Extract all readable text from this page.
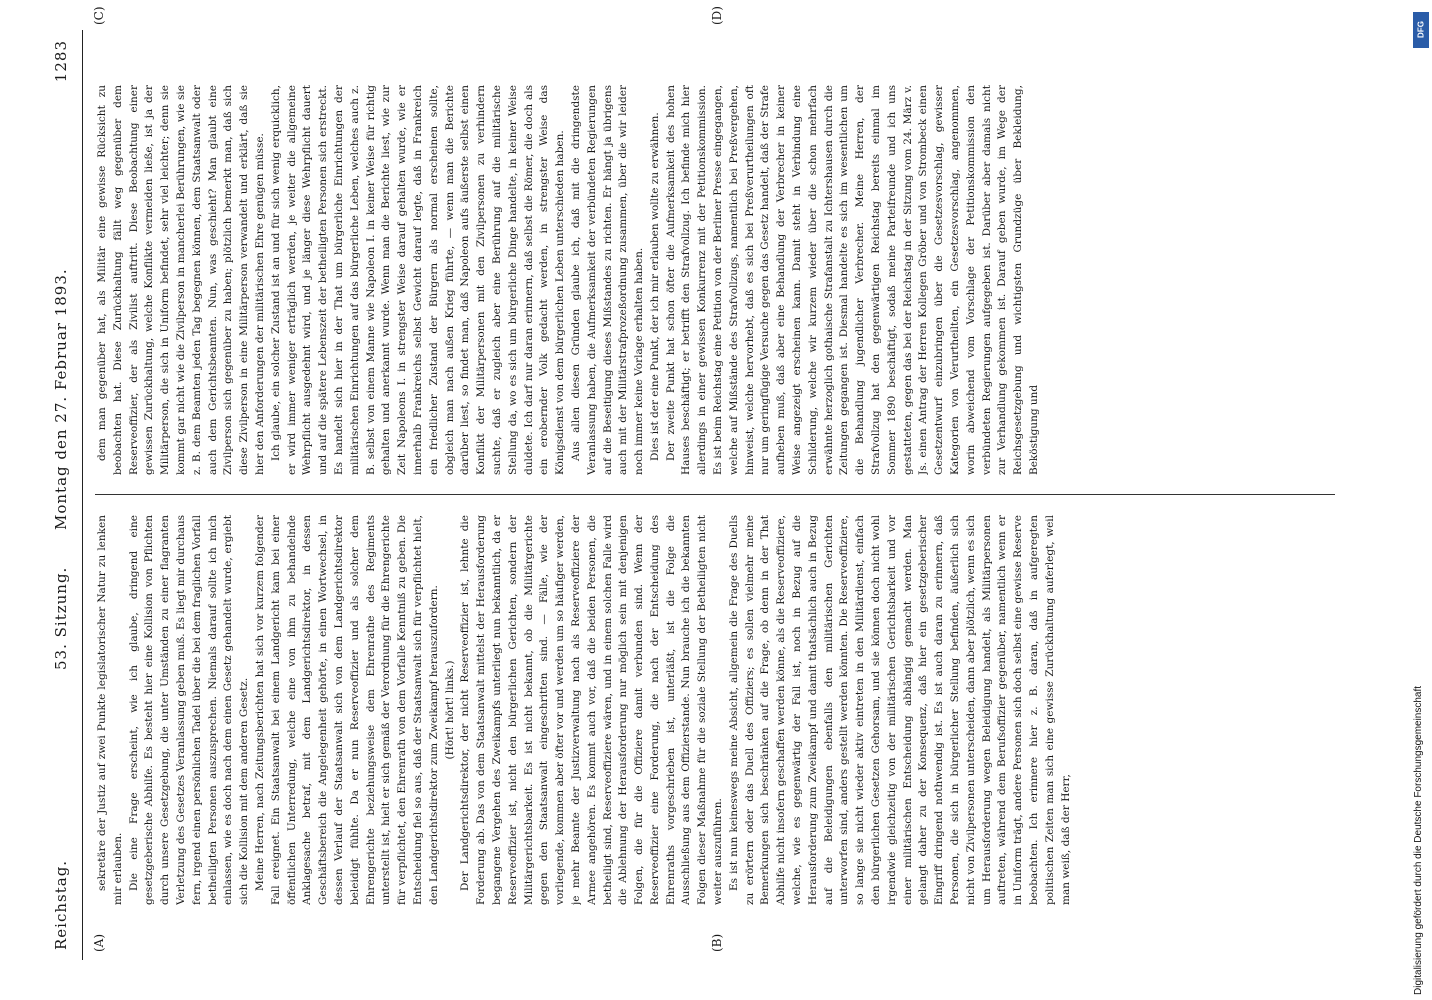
Reichstag.
53. Sitzung.
Montag den 27. Februar 1893.
1283
(A)	(B)
(C)	(D)

sekretäre der Justiz auf zwei Punkte legislatorischer Natur zu lenken mir erlauben. Die eine Frage erscheint, wie ich glaube, dringend eine gesetzgeberische Abhilfe. Es besteht hier eine Kollision von Pflichten durch unsere Gesetzgebung, die unter Umständen zu einer flagranten Verletzung des Gesetzes Veranlassung geben muß. Es liegt mir durchaus fern, irgend einen persönlichen Tadel über die bei dem fraglichen Vorfall betheiligten Personen auszusprechen. Niemals darauf sollte ich mich einlassen, wie es doch nach dem einen Gesetz gehandelt wurde, ergiebt sich die Kollision mit dem anderen Gesetz. Meine Herren, nach Zeitungsberichten hat sich vor kurzem folgender Fall ereignet. Ein Staatsanwalt bei einem Landgericht kam bei einer öffentlichen Unterredung, welche eine von ihm zu behandelnde Anklagesache betraf, mit dem Landgerichtsdirektor, in dessen Geschäftsbereich die Angelegenheit gehörte, in einen Wortwechsel, in dessen Verlauf der Staatsanwalt sich von dem Landgerichtsdirektor beleidigt fühlte. Da er nun Reserveoffizier und als solcher dem Ehrengerichte beziehungsweise dem Ehrenrathe des Regiments unterstellt ist, hielt er sich gemäß der Verordnung für die Ehrengerichte für verpflichtet, den Ehrenrath von dem Vorfalle Kenntniß zu geben. Die Entscheidung fiel so aus, daß der Staatsanwalt sich für verpflichtet hielt, den Landgerichtsdirektor zum Zweikampf herauszufordern. (Hört! hört! links.) Der Landgerichtsdirektor, der nicht Reserveoffizier ist, lehnte die Forderung ab. Das von dem Staatsanwalt mittelst der Herausforderung begangene Vergehen des Zweikampfs unterliegt nun bekanntlich, da er Reserveoffizier ist, nicht den bürgerlichen Gerichten, sondern der Militärgerichtsbarkeit. Es ist nicht bekannt, ob die Militärgerichte gegen den Staatsanwalt eingeschritten sind. — Fälle, wie der vorliegende, kommen aber öfter vor und werden um so häufiger werden, je mehr Beamte der Justizverwaltung nach als Reserveoffiziere der Armee angehören. Es kommt auch vor, daß die beiden Personen, die betheiligt sind, Reserveoffiziere wären, und in einem solchen Falle wird die Ablehnung der Herausforderung nur möglich sein mit denjenigen Folgen, die für die Offiziere damit verbunden sind. Wenn der Reserveoffizier eine Forderung, die nach der Entscheidung des Ehrenraths vorgeschrieben ist, unterläßt, ist die Folge die Ausschließung aus dem Offizierstande. Nun brauche ich die bekannten Folgen dieser Maßnahme für die soziale Stellung der Betheiligten nicht weiter auszuführen. Es ist nun keineswegs meine Absicht, allgemein die Frage des Duells zu erörtern oder das Duell des Offiziers; es sollen vielmehr meine Bemerkungen sich beschränken auf die Frage, ob denn in der That Abhilfe nicht insofern geschaffen werden könne, als die Reserveoffiziere, welche, wie es gegenwärtig der Fall ist, noch in Bezug auf die Herausforderung zum Zweikampf und damit thatsächlich auch in Bezug auf die Beleidigungen ebenfalls den militärischen Gerichten unterworfen sind, anders gestellt werden könnten. Die Reserveoffiziere, so lange sie nicht wieder aktiv eintreten in den Militärdienst, einfach den bürgerlichen Gesetzen Gehorsam, und sie können doch nicht wohl irgendwie gleichzeitig von der militärischen Gerichtsbarkeit und vor einer militärischen Entscheidung abhängig gemacht werden. Man gelangt daher zu der Konsequenz, daß hier ein gesetzgeberischer Eingriff dringend nothwendig ist. Es ist auch daran zu erinnern, daß Personen, die sich in bürgerlicher Stellung befinden, äußerlich sich nicht von Zivilpersonen unterscheiden, dann aber plötzlich, wenn es sich um Herausforderung wegen Beleidigung handelt, als Militärpersonen auftreten, während dem Berufsoffizier gegenüber, namentlich wenn er in Uniform trägt, andere Personen sich doch selbst eine gewisse Reserve beobachten. Ich erinnere hier z. B. daran, daß in aufgeregten politischen Zeiten man sich eine gewisse Zurückhaltung auferlegt, weil man weiß, daß der Herr,

dem man gegenüber hat, als Militär eine gewisse Rücksicht zu beobachten hat. Diese Zurückhaltung fällt weg gegenüber dem Reserveoffizier, der als Zivilist auftritt. Diese Beobachtung einer gewissen Zurückhaltung, welche Konflikte vermeiden ließe, ist ja der Militärperson, die sich in Uniform befindet, sehr viel leichter; denn sie kommt gar nicht wie die Zivilperson in mancherlei Berührungen, wie sie z. B. dem Beamten jeden Tag begegnen können, dem Staatsanwalt oder auch dem Gerichtsbeamten. Nun, was geschieht? Man glaubt eine Zivilperson sich gegenüber zu haben; plötzlich bemerkt man, daß sich diese Zivilperson in eine Militärperson verwandelt und erklärt, daß sie hier den Anforderungen der militärischen Ehre genügen müsse. Ich glaube, ein solcher Zustand ist an und für sich wenig erquicklich, er wird immer weniger erträglich werden, je weiter die allgemeine Wehrpflicht ausgedehnt wird, und je länger diese Wehrpflicht dauert und auf die spätere Lebenszeit der betheiligten Personen sich erstreckt. Es handelt sich hier in der That um bürgerliche Einrichtungen der militärischen Einrichtungen auf das bürgerliche Leben, welches auch z. B. selbst von einem Manne wie Napoleon I. in keiner Weise für richtig gehalten und anerkannt wurde. Wenn man die Berichte liest, wie zur Zeit Napoleons I. in strengster Weise darauf gehalten wurde, wie er innerhalb Frankreichs selbst Gewicht darauf legte, daß in Frankreich ein friedlicher Zustand der Bürgern als normal erscheinen sollte, obgleich man nach außen Krieg führte, — wenn man die Berichte darüber liest, so findet man, daß Napoleon aufs äußerste selbst einen Konflikt der Militärpersonen mit den Zivilpersonen zu verhindern suchte, daß er zugleich aber eine Berührung auf die militärische Stellung da, wo es sich um bürgerliche Dinge handelte, in keiner Weise duldete. Ich darf nur daran erinnern, daß selbst die Römer, die doch als ein erobernder Volk gedacht werden, in strengster Weise das Königsdienst von dem bürgerlichen Leben unterschieden haben. Aus allen diesen Gründen glaube ich, daß mit die dringendste Veranlassung haben, die Aufmerksamkeit der verbündeten Regierungen auf die Beseitigung dieses Mißstandes zu richten. Er hängt ja übrigens auch mit der Militärstrafprozeßordnung zusammen, über die wir leider noch immer keine Vorlage erhalten haben. Dies ist der eine Punkt, der ich mir erlauben wollte zu erwähnen. Der zweite Punkt hat schon öfter die Aufmerksamkeit des hohen Hauses beschäftigt; er betrifft den Strafvollzug. Ich befinde mich hier allerdings in einer gewissen Konkurrenz mit der Petitionskommission. Es ist beim Reichstag eine Petition von der Berliner Presse eingegangen, welche auf Mißstände des Strafvollzugs, namentlich bei Preßvergehen, hinweist, welche hervorhebt, daß es sich bei Preßverurtheilungen oft nur um geringfügige Versuche gegen das Gesetz handelt, daß der Strafe aufheben muß, daß aber eine Behandlung der Verbrecher in keiner Weise angezeigt erscheinen kann. Damit steht in Verbindung eine Schilderung, welche wir kurzem wieder über die schon mehrfach erwähnte herzoglich gothaische Strafanstalt zu Ichtershausen durch die Zeitungen gegangen ist. Diesmal handelte es sich im wesentlichen um die Behandlung jugendlicher Verbrecher. Meine Herren, der Strafvollzug hat den gegenwärtigen Reichstag bereits einmal im Sommer 1890 beschäftigt, sodaß meine Parteifreunde und ich uns gestatteten, gegen das bei der Reichstag in der Sitzung vom 24. März v. Js. einen Antrag der Herren Kollegen Gröber und von Strombeck einen Gesetzentwurf einzubringen über die Gesetzesvorschlag, gewisser Kategorien von Verurtheilten, ein Gesetzesvorschlag, angenommen, worin abweichend vom Vorschlage der Petitionskommission den verbündeten Regierungen aufgegeben ist. Darüber aber damals nicht zur Verhandlung gekommen ist. Darauf geben wurde, im Wege der Reichsgesetzgebung und wichtigsten Grundzüge über Bekleidung, Beköstigung und

DFG
Digitalisierung gefördert durch die Deutsche Forschungsgemeinschaft
